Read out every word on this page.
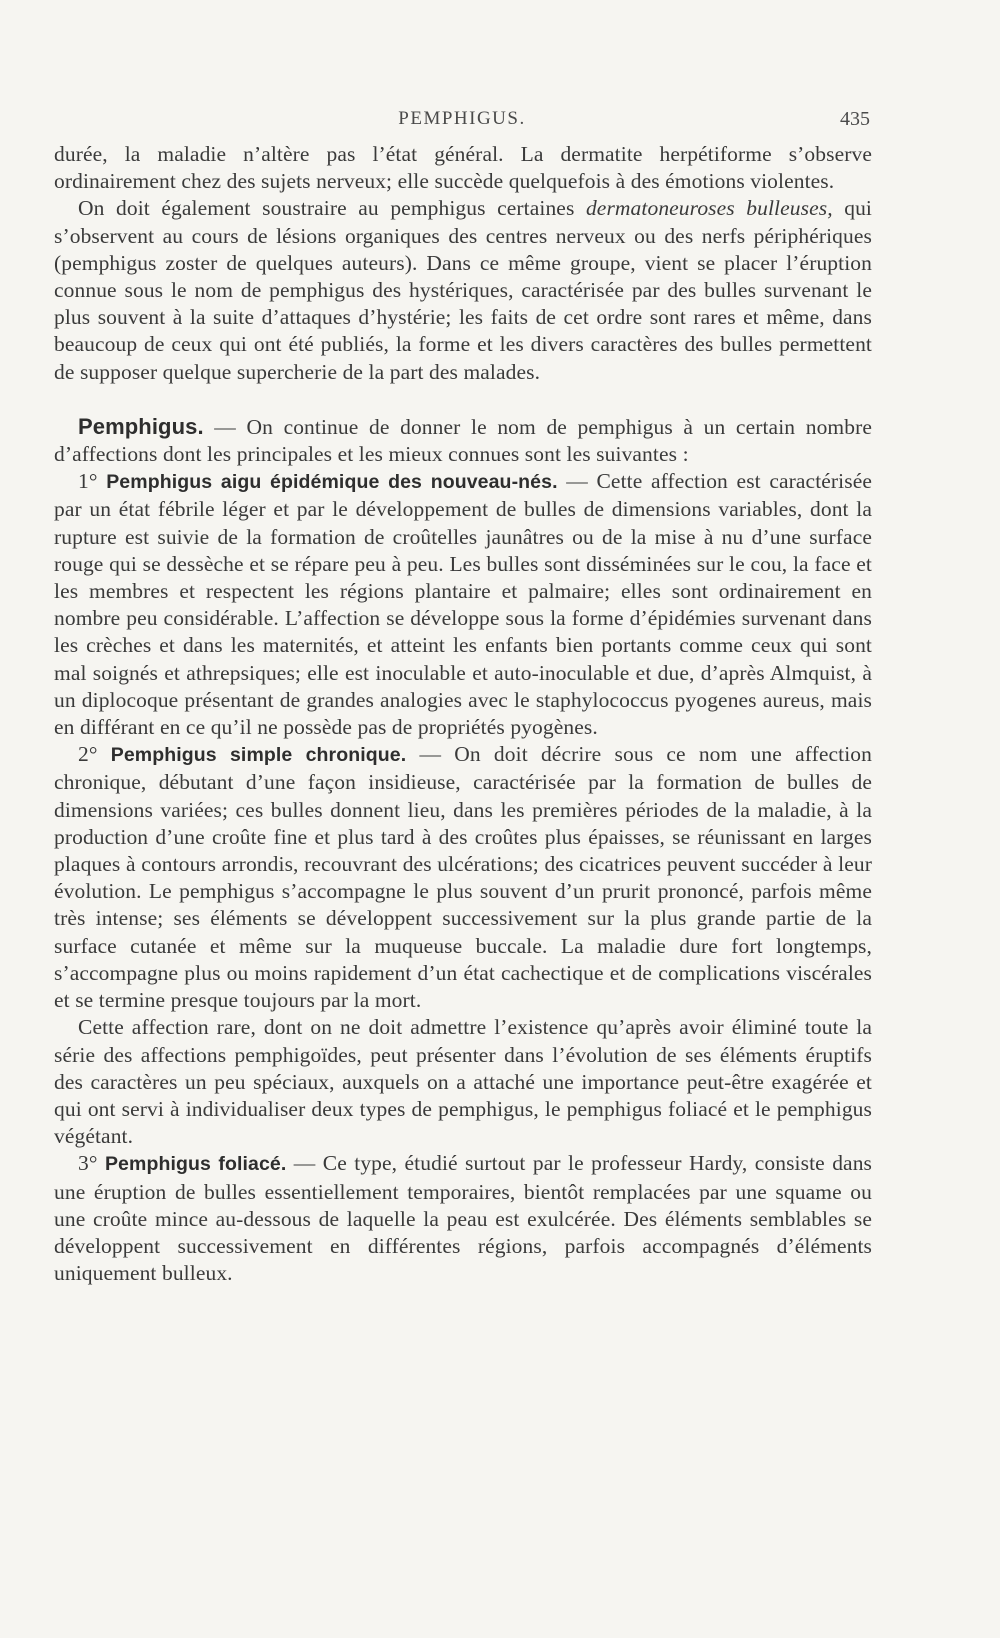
PEMPHIGUS.	435

durée, la maladie n’altère pas l’état général. La dermatite herpétiforme s’observe ordinairement chez des sujets nerveux; elle succède quelquefois à des émotions violentes.

On doit également soustraire au pemphigus certaines dermatoneuroses bulleuses, qui s’observent au cours de lésions organiques des centres nerveux ou des nerfs périphériques (pemphigus zoster de quelques auteurs). Dans ce même groupe, vient se placer l’éruption connue sous le nom de pemphigus des hystériques, caractérisée par des bulles survenant le plus souvent à la suite d’attaques d’hystérie; les faits de cet ordre sont rares et même, dans beaucoup de ceux qui ont été publiés, la forme et les divers caractères des bulles permettent de supposer quelque supercherie de la part des malades.

Pemphigus. — On continue de donner le nom de pemphigus à un certain nombre d’affections dont les principales et les mieux connues sont les suivantes :

1° Pemphigus aigu épidémique des nouveau-nés. — Cette affection est caractérisée par un état fébrile léger et par le développement de bulles de dimensions variables, dont la rupture est suivie de la formation de croûtelles jaunâtres ou de la mise à nu d’une surface rouge qui se dessèche et se répare peu à peu. Les bulles sont disséminées sur le cou, la face et les membres et respectent les régions plantaire et palmaire; elles sont ordinairement en nombre peu considérable. L’affection se développe sous la forme d’épidémies survenant dans les crèches et dans les maternités, et atteint les enfants bien portants comme ceux qui sont mal soignés et athrepsiques; elle est inoculable et auto-inoculable et due, d’après Almquist, à un diplocoque présentant de grandes analogies avec le staphylococcus pyogenes aureus, mais en différant en ce qu’il ne possède pas de propriétés pyogènes.

2° Pemphigus simple chronique. — On doit décrire sous ce nom une affection chronique, débutant d’une façon insidieuse, caractérisée par la formation de bulles de dimensions variées; ces bulles donnent lieu, dans les premières périodes de la maladie, à la production d’une croûte fine et plus tard à des croûtes plus épaisses, se réunissant en larges plaques à contours arrondis, recouvrant des ulcérations; des cicatrices peuvent succéder à leur évolution. Le pemphigus s’accompagne le plus souvent d’un prurit prononcé, parfois même très intense; ses éléments se développent successivement sur la plus grande partie de la surface cutanée et même sur la muqueuse buccale. La maladie dure fort longtemps, s’accompagne plus ou moins rapidement d’un état cachectique et de complications viscérales et se termine presque toujours par la mort.

Cette affection rare, dont on ne doit admettre l’existence qu’après avoir éliminé toute la série des affections pemphigoïdes, peut présenter dans l’évolution de ses éléments éruptifs des caractères un peu spéciaux, auxquels on a attaché une importance peut-être exagérée et qui ont servi à individualiser deux types de pemphigus, le pemphigus foliacé et le pemphigus végétant.

3° Pemphigus foliacé. — Ce type, étudié surtout par le professeur Hardy, consiste dans une éruption de bulles essentiellement temporaires, bientôt remplacées par une squame ou une croûte mince au-dessous de laquelle la peau est exulcérée. Des éléments semblables se développent successivement en différentes régions, parfois accompagnés d’éléments uniquement bulleux.
